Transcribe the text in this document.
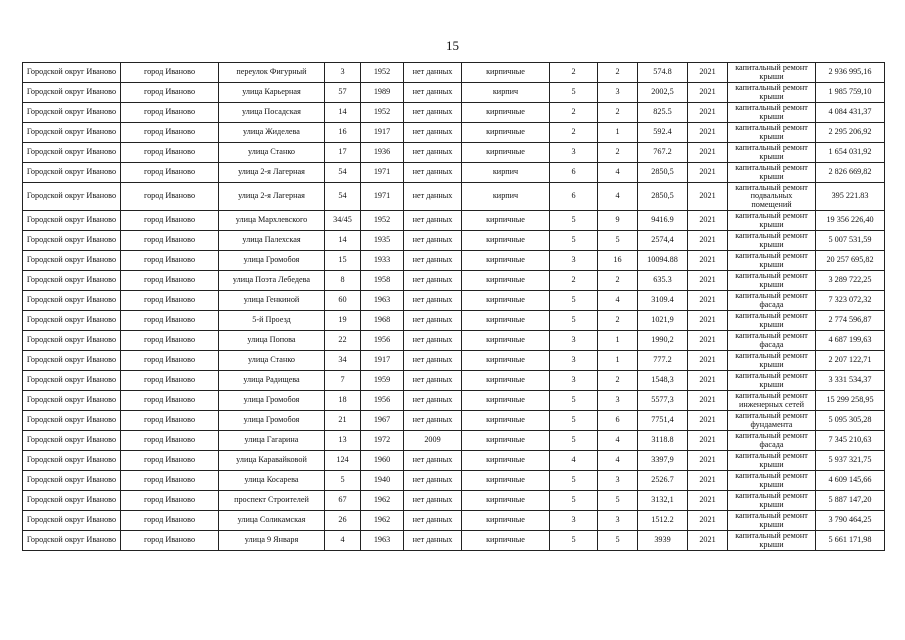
15
Городской округ Иваново	город Иваново	переулок Фигурный	3	1952	нет данных	кирпичные	2	2	574.8	2021	капитальный ремонт крыши	2 936 995,16
Городской округ Иваново	город Иваново	улица Карьерная	57	1989	нет данных	кирпич	5	3	2002,5	2021	капитальный ремонт крыши	1 985 759,10
Городской округ Иваново	город Иваново	улица Посадская	14	1952	нет данных	кирпичные	2	2	825.5	2021	капитальный ремонт крыши	4 084 431,37
Городской округ Иваново	город Иваново	улица Жиделева	16	1917	нет данных	кирпичные	2	1	592.4	2021	капитальный ремонт крыши	2 295 206,92
Городской округ Иваново	город Иваново	улица Станко	17	1936	нет данных	кирпичные	3	2	767.2	2021	капитальный ремонт крыши	1 654 031,92
Городской округ Иваново	город Иваново	улица 2-я Лагерная	54	1971	нет данных	кирпич	6	4	2850,5	2021	капитальный ремонт крыши	2 826 669,82
Городской округ Иваново	город Иваново	улица 2-я Лагерная	54	1971	нет данных	кирпич	6	4	2850,5	2021	капитальный ремонт подвальных помещений	395 221.83
Городской округ Иваново	город Иваново	улица Мархлевского	34/45	1952	нет данных	кирпичные	5	9	9416.9	2021	капитальный ремонт крыши	19 356 226,40
Городской округ Иваново	город Иваново	улица Палехская	14	1935	нет данных	кирпичные	5	5	2574,4	2021	капитальный ремонт крыши	5 007 531,59
Городской округ Иваново	город Иваново	улица Громобоя	15	1933	нет данных	кирпичные	3	16	10094.88	2021	капитальный ремонт крыши	20 257 695,82
Городской округ Иваново	город Иваново	улица Поэта Лебедева	8	1958	нет данных	кирпичные	2	2	635.3	2021	капитальный ремонт крыши	3 289 722,25
Городской округ Иваново	город Иваново	улица Генкиной	60	1963	нет данных	кирпичные	5	4	3109.4	2021	капитальный ремонт фасада	7 323 072,32
Городской округ Иваново	город Иваново	5-й Проезд	19	1968	нет данных	кирпичные	5	2	1021,9	2021	капитальный ремонт крыши	2 774 596,87
Городской округ Иваново	город Иваново	улица Попова	22	1956	нет данных	кирпичные	3	1	1990,2	2021	капитальный ремонт фасада	4 687 199,63
Городской округ Иваново	город Иваново	улица Станко	34	1917	нет данных	кирпичные	3	1	777.2	2021	капитальный ремонт крыши	2 207 122,71
Городской округ Иваново	город Иваново	улица Радищева	7	1959	нет данных	кирпичные	3	2	1548,3	2021	капитальный ремонт крыши	3 331 534,37
Городской округ Иваново	город Иваново	улица Громобоя	18	1956	нет данных	кирпичные	5	3	5577,3	2021	капитальный ремонт инженерных сетей	15 299 258,95
Городской округ Иваново	город Иваново	улица Громобоя	21	1967	нет данных	кирпичные	5	6	7751,4	2021	капитальный ремонт фундамента	5 095 305,28
Городской округ Иваново	город Иваново	улица Гагарина	13	1972	2009	кирпичные	5	4	3118.8	2021	капитальный ремонт фасада	7 345 210,63
Городской округ Иваново	город Иваново	улица Каравайковой	124	1960	нет данных	кирпичные	4	4	3397,9	2021	капитальный ремонт крыши	5 937 321,75
Городской округ Иваново	город Иваново	улица Косарева	5	1940	нет данных	кирпичные	5	3	2526.7	2021	капитальный ремонт крыши	4 609 145,66
Городской округ Иваново	город Иваново	проспект Строителей	67	1962	нет данных	кирпичные	5	5	3132,1	2021	капитальный ремонт крыши	5 887 147,20
Городской округ Иваново	город Иваново	улица Соликамская	26	1962	нет данных	кирпичные	3	3	1512.2	2021	капитальный ремонт крыши	3 790 464,25
Городской округ Иваново	город Иваново	улица 9 Января	4	1963	нет данных	кирпичные	5	5	3939	2021	капитальный ремонт крыши	5 661 171,98
